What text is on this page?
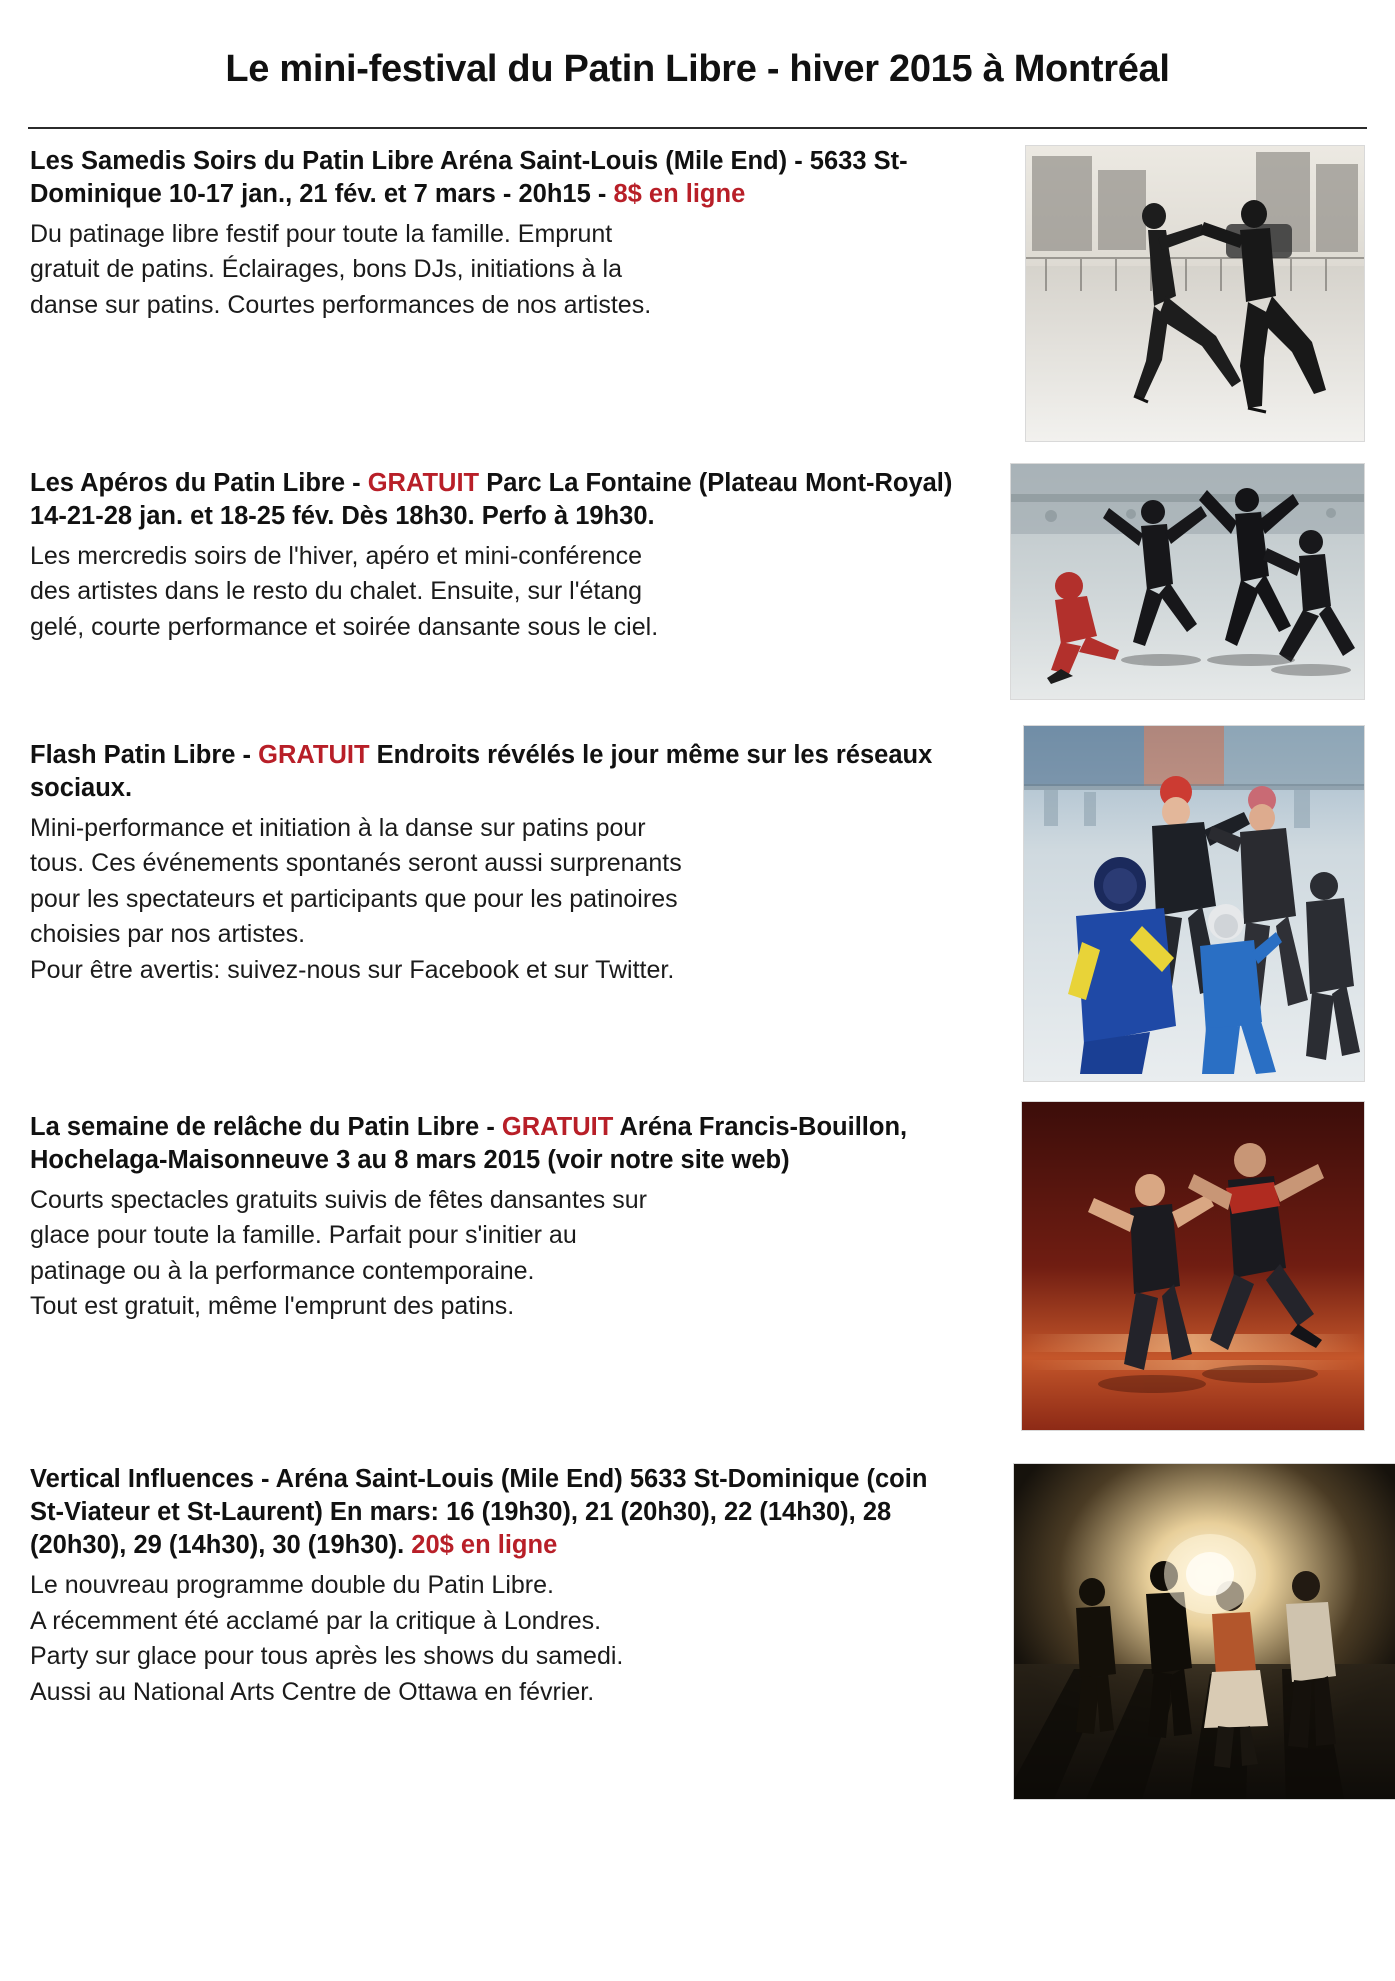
Le mini-festival du Patin Libre - hiver 2015 à Montréal
Les Samedis Soirs du Patin Libre Aréna Saint-Louis (Mile End) - 5633 St-Dominique 10-17 jan., 21 fév. et 7 mars - 20h15 - 8$ en ligne

Du patinage libre festif pour toute la famille. Emprunt
gratuit de patins. Éclairages, bons DJs, initiations à la
danse sur patins. Courtes performances de nos artistes.

Les Apéros du Patin Libre - GRATUIT Parc La Fontaine (Plateau Mont-Royal) 14-21-28 jan. et 18-25 fév. Dès 18h30. Perfo à 19h30.

Les mercredis soirs de l'hiver, apéro et mini-conférence
des artistes dans le resto du chalet. Ensuite, sur l'étang
gelé, courte performance et soirée dansante sous le ciel.

Flash Patin Libre - GRATUIT Endroits révélés le jour même sur les réseaux sociaux.

Mini-performance et initiation à la danse sur patins pour
tous. Ces événements spontanés seront aussi surprenants
pour les spectateurs et participants que pour les patinoires
choisies par nos artistes.
Pour être avertis: suivez-nous sur Facebook et sur Twitter.

La semaine de relâche du Patin Libre - GRATUIT Aréna Francis-Bouillon, Hochelaga-Maisonneuve 3 au 8 mars 2015 (voir notre site web)

Courts spectacles gratuits suivis de fêtes dansantes sur
glace pour toute la famille. Parfait pour s'initier au
patinage ou à la performance contemporaine.
Tout est gratuit, même l'emprunt des patins.

Vertical Influences - Aréna Saint-Louis (Mile End) 5633 St-Dominique (coin St-Viateur et St-Laurent) En mars: 16 (19h30), 21 (20h30), 22 (14h30), 28 (20h30), 29 (14h30), 30 (19h30). 20$ en ligne

Le nouvreau programme double du Patin Libre.
A récemment été acclamé par la critique à Londres.
Party sur glace pour tous après les shows du samedi.
Aussi au National Arts Centre de Ottawa en février.
